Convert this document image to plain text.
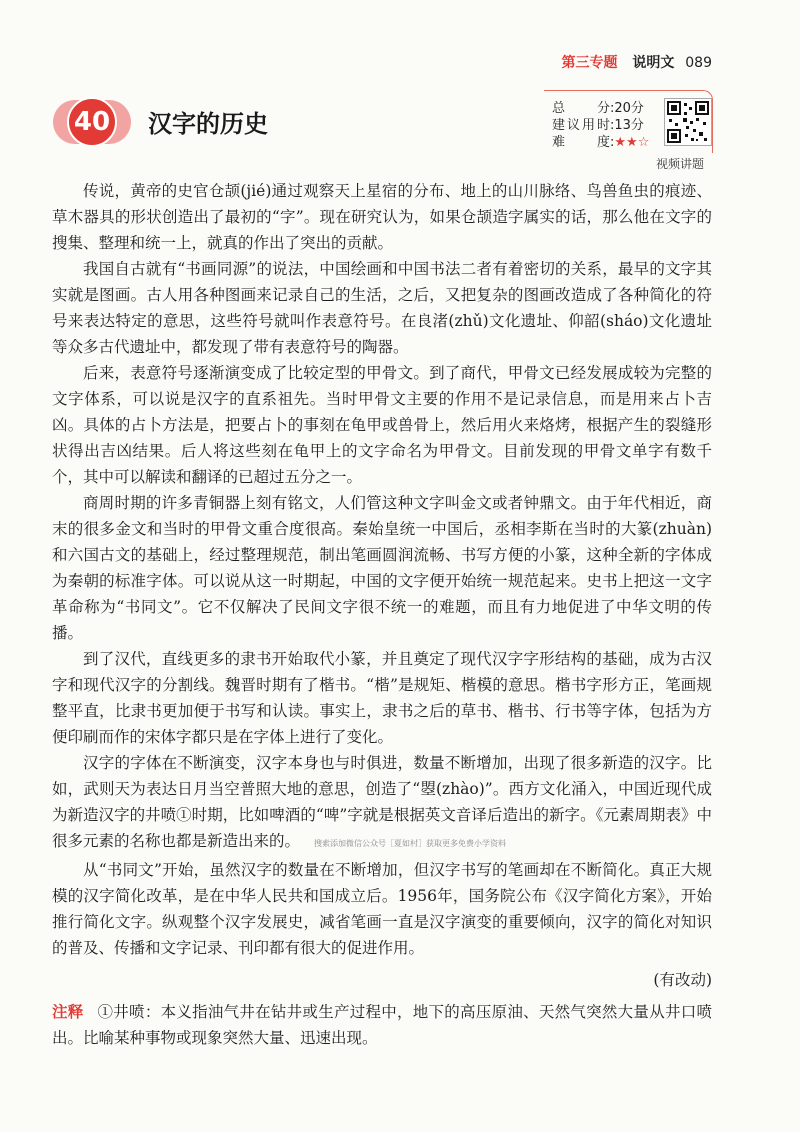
第三专题 说明文 089
40	汉字的历史
总分:20分
建议用时:13分
难度:★★☆
视频讲题

传说，黄帝的史官仓颉(jié)通过观察天上星宿的分布、地上的山川脉络、鸟兽鱼虫的痕迹、草木器具的形状创造出了最初的“字”。现在研究认为，如果仓颉造字属实的话，那么他在文字的搜集、整理和统一上，就真的作出了突出的贡献。

我国自古就有“书画同源”的说法，中国绘画和中国书法二者有着密切的关系，最早的文字其实就是图画。古人用各种图画来记录自己的生活，之后，又把复杂的图画改造成了各种简化的符号来表达特定的意思，这些符号就叫作表意符号。在良渚(zhǔ)文化遗址、仰韶(sháo)文化遗址等众多古代遗址中，都发现了带有表意符号的陶器。

后来，表意符号逐渐演变成了比较定型的甲骨文。到了商代，甲骨文已经发展成较为完整的文字体系，可以说是汉字的直系祖先。当时甲骨文主要的作用不是记录信息，而是用来占卜吉凶。具体的占卜方法是，把要占卜的事刻在龟甲或兽骨上，然后用火来烙烤，根据产生的裂缝形状得出吉凶结果。后人将这些刻在龟甲上的文字命名为甲骨文。目前发现的甲骨文单字有数千个，其中可以解读和翻译的已超过五分之一。

商周时期的许多青铜器上刻有铭文，人们管这种文字叫金文或者钟鼎文。由于年代相近，商末的很多金文和当时的甲骨文重合度很高。秦始皇统一中国后，丞相李斯在当时的大篆(zhuàn)和六国古文的基础上，经过整理规范，制出笔画圆润流畅、书写方便的小篆，这种全新的字体成为秦朝的标准字体。可以说从这一时期起，中国的文字便开始统一规范起来。史书上把这一文字革命称为“书同文”。它不仅解决了民间文字很不统一的难题，而且有力地促进了中华文明的传播。

到了汉代，直线更多的隶书开始取代小篆，并且奠定了现代汉字字形结构的基础，成为古汉字和现代汉字的分割线。魏晋时期有了楷书。“楷”是规矩、楷模的意思。楷书字形方正，笔画规整平直，比隶书更加便于书写和认读。事实上，隶书之后的草书、楷书、行书等字体，包括为方便印刷而作的宋体字都只是在字体上进行了变化。

汉字的字体在不断演变，汉字本身也与时俱进，数量不断增加，出现了很多新造的汉字。比如，武则天为表达日月当空普照大地的意思，创造了“曌(zhào)”。西方文化涌入，中国近现代成为新造汉字的井喷①时期，比如啤酒的“啤”字就是根据英文音译后造出的新字。《元素周期表》中很多元素的名称也都是新造出来的。 搜索添加微信公众号［夏如村］获取更多免费小学资料

从“书同文”开始，虽然汉字的数量在不断增加，但汉字书写的笔画却在不断简化。真正大规模的汉字简化改革，是在中华人民共和国成立后。1956年，国务院公布《汉字简化方案》，开始推行简化文字。纵观整个汉字发展史，减省笔画一直是汉字演变的重要倾向，汉字的简化对知识的普及、传播和文字记录、刊印都有很大的促进作用。

(有改动)

注释 ①井喷：本义指油气井在钻井或生产过程中，地下的高压原油、天然气突然大量从井口喷出。比喻某种事物或现象突然大量、迅速出现。
